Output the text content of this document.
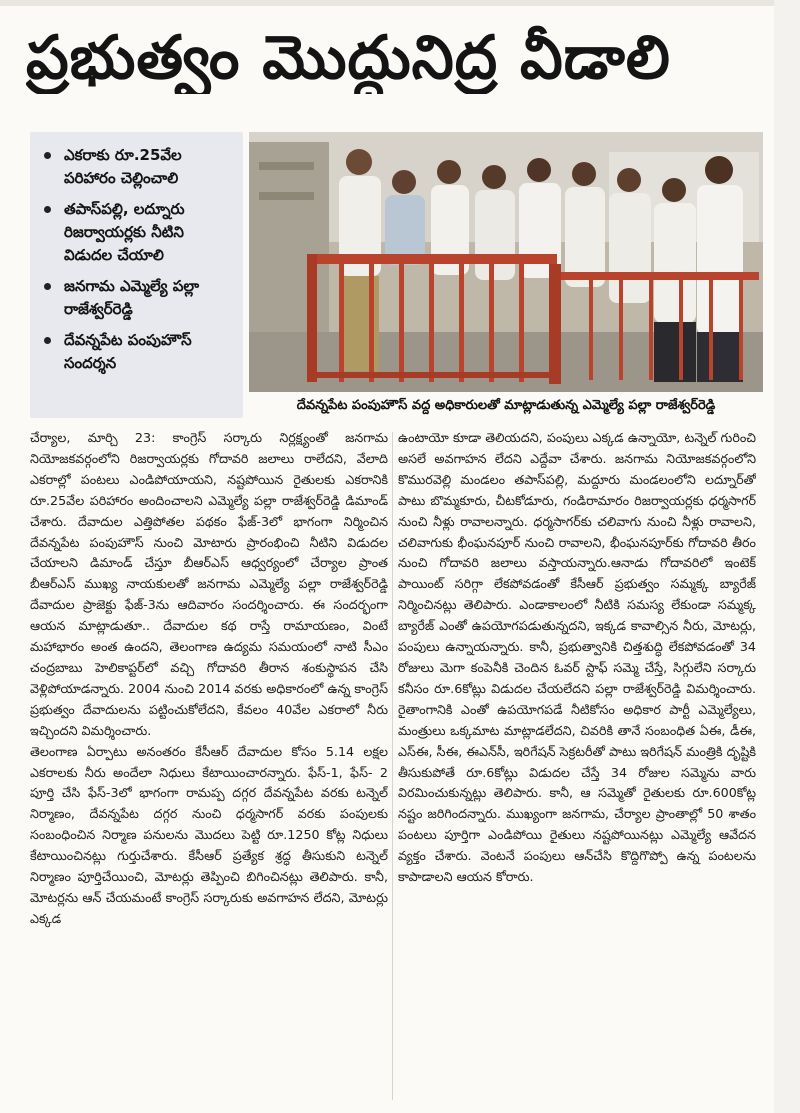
ప్రభుత్వం మొద్దునిద్ర వీడాలి
ఎకరాకు రూ.25వేల పరిహారం చెల్లించాలి
తపాస్‌పల్లి, లద్నూరు రిజర్వాయర్లకు నీటిని విడుదల చేయాలి
జనగామ ఎమ్మెల్యే పల్లా రాజేశ్వర్‌రెడ్డి
దేవన్నపేట పంపుహౌస్ సందర్శన
దేవన్నపేట పంపుహౌస్ వద్ద అధికారులతో మాట్లాడుతున్న ఎమ్మెల్యే పల్లా రాజేశ్వర్‌రెడ్డి

చేర్యాల, మార్చి 23: కాంగ్రెస్ సర్కారు నిర్లక్ష్యంతో జనగామ నియోజకవర్గంలోని రిజర్వాయర్లకు గోదావరి జలాలు రాలేదని, వేలాది ఎకరాల్లో పంటలు ఎండిపోయాయని, నష్టపోయిన రైతులకు ఎకరానికి రూ.25వేల పరిహారం అందించాలని ఎమ్మెల్యే పల్లా రాజేశ్వర్‌రెడ్డి డిమాండ్ చేశారు. దేవాదుల ఎత్తిపోతల పథకం ఫేజ్-3లో భాగంగా నిర్మించిన దేవన్నపేట పంపుహౌస్ నుంచి మోటారు ప్రారంభించి నీటిని విడుదల చేయాలని డిమాండ్ చేస్తూ బీఆర్ఎస్ ఆధ్వర్యంలో చేర్యాల ప్రాంత బీఆర్ఎస్ ముఖ్య నాయకులతో జనగామ ఎమ్మెల్యే పల్లా రాజేశ్వర్‌రెడ్డి దేవాదుల ప్రాజెక్టు ఫేజ్-3ను ఆదివారం సందర్శించారు. ఈ సందర్భంగా ఆయన మాట్లాడుతూ.. దేవాదుల కథ రాస్తే రామాయణం, వింటే మహాభారం అంత ఉందని, తెలంగాణ ఉద్యమ సమయంలో నాటి సీఎం చంద్రబాబు హెలికాప్టర్‌లో వచ్చి గోదావరి తీరాన శంకుస్థాపన చేసి వెళ్లిపోయాడన్నారు. 2004 నుంచి 2014 వరకు అధికారంలో ఉన్న కాంగ్రెస్ ప్రభుత్వం దేవాదులను పట్టించుకోలేదని, కేవలం 40వేల ఎకరాలో నీరు ఇచ్చిందని విమర్శించారు.

తెలంగాణ ఏర్పాటు అనంతరం కేసీఆర్ దేవాదుల కోసం 5.14 లక్షల ఎకరాలకు నీరు అందేలా నిధులు కేటాయించారన్నారు. ఫేస్-1, ఫేస్- 2 పూర్తి చేసి ఫేస్-3లో భాగంగా రామప్ప దగ్గర దేవన్నపేట వరకు టన్నెల్ నిర్మాణం, దేవన్నపేట దగ్గర నుంచి ధర్మసాగర్ వరకు పంపులకు సంబంధించిన నిర్మాణ పనులను మొదలు పెట్టి రూ.1250 కోట్ల నిధులు కేటాయించినట్లు గుర్తుచేశారు. కేసీఆర్ ప్రత్యేక శ్రద్ధ తీసుకుని టన్నెల్ నిర్మాణం పూర్తిచేయించి, మోటర్లు తెప్పించి బిగించినట్లు తెలిపారు. కానీ, మోటర్లను ఆన్ చేయమంటే కాంగ్రెస్ సర్కారుకు అవగాహన లేదని, మోటర్లు ఎక్కడ

ఉంటాయో కూడా తెలియదని, పంపులు ఎక్కడ ఉన్నాయో, టన్నెల్ గురించి అసలే అవగాహన లేదని ఎద్దేవా చేశారు. జనగామ నియోజకవర్గంలోని కొమురవెల్లి మండలం తపాస్‌పల్లి, మద్దూరు మండలంలోని లద్నూర్‌తో పాటు బొమ్మకూరు, చీటకోడూరు, గండిరామారం రిజర్వాయర్లకు ధర్మసాగర్ నుంచి నీళ్లు రావాలన్నారు. ధర్మసాగర్‌కు చలివాగు నుంచి నీళ్లు రావాలని, చలివాగుకు భీంఘనపూర్ నుంచి రావాలని, భీంఘనపూర్‌కు గోదావరి తీరం నుంచి గోదావరి జలాలు వస్తాయన్నారు.ఆనాడు గోదావరిలో ఇంటెక్ పాయింట్ సరిగ్గా లేకపోవడంతో కేసీఆర్ ప్రభుత్వం సమ్మక్క బ్యారేజ్ నిర్మించినట్లు తెలిపారు. ఎండాకాలంలో నీటికి సమస్య లేకుండా సమ్మక్క బ్యారేజ్ ఎంతో ఉపయోగపడుతున్నదని, ఇక్కడ కావాల్సిన నీరు, మోటర్లు, పంపులు ఉన్నాయన్నారు. కానీ, ప్రభుత్వానికి చిత్తశుద్ధి లేకపోవడంతో 34 రోజులు మెగా కంపెనీకి చెందిన ఓవర్ స్టాఫ్ సమ్మె చేస్తే, సిగ్గులేని సర్కారు కనీసం రూ.6కోట్లు విడుదల చేయలేదని పల్లా రాజేశ్వర్‌రెడ్డి విమర్శించారు. రైతాంగానికి ఎంతో ఉపయోగపడే నీటికోసం అధికార పార్టీ ఎమ్మెల్యేలు, మంత్రులు ఒక్కమాట మాట్లాడలేదని, చివరికి తానే సంబంధిత ఏఈ, డీఈ, ఎస్ఈ, సీఈ, ఈఎన్‌సీ, ఇరిగేషన్ సెక్రటరీతో పాటు ఇరిగేషన్ మంత్రికి దృష్టికి తీసుకుపోతే రూ.6కోట్లు విడుదల చేస్తే 34 రోజుల సమ్మెను వారు విరమించుకున్నట్లు తెలిపారు. కానీ, ఆ సమ్మెతో రైతులకు రూ.600కోట్ల నష్టం జరిగిందన్నారు. ముఖ్యంగా జనగామ, చేర్యాల ప్రాంతాల్లో 50 శాతం పంటలు పూర్తిగా ఎండిపోయి రైతులు నష్టపోయినట్లు ఎమ్మెల్యే ఆవేదన వ్యక్తం చేశారు. వెంటనే పంపులు ఆన్‌చేసి కొద్దిగొప్పో ఉన్న పంటలను కాపాడాలని ఆయన కోరారు.
